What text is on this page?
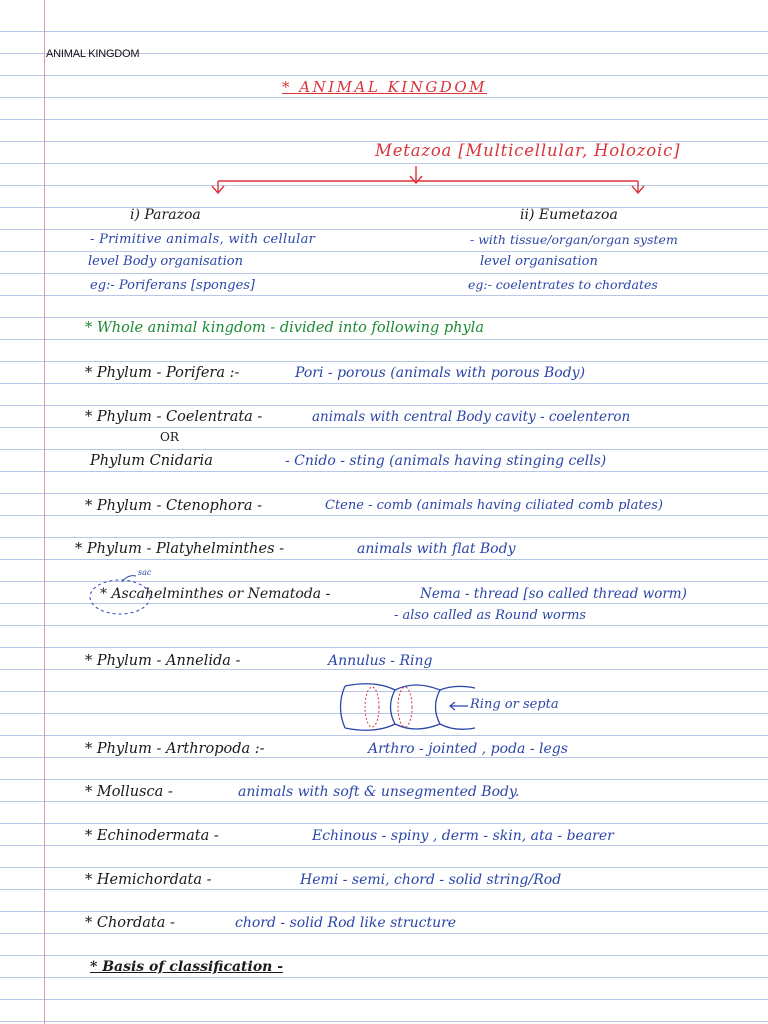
ANIMAL KINGDOM
* ANIMAL KINGDOM
Metazoa [Multicellular, Holozoic]
i) Parazoa
- Primitive animals, with cellular
level Body organisation
eg:- Poriferans [sponges]
ii) Eumetazoa
- with tissue/organ/organ system
level organisation
eg:- coelentrates to chordates
* Whole animal kingdom - divided into following phyla
* Phylum - Porifera :-	Pori - porous (animals with porous Body)
* Phylum - Coelentrata -	animals with central Body cavity - coelenteron
OR
Phylum Cnidaria	- Cnido - sting (animals having stinging cells)
* Phylum - Ctenophora -	Ctene - comb (animals having ciliated comb plates)
* Phylum - Platyhelminthes -	animals with flat Body
sac
* Ascahelminthes or Nematoda -	Nema - thread [so called thread worm)
- also called as Round worms
* Phylum - Annelida -	Annulus - Ring
Ring or septa
* Phylum - Arthropoda :-	Arthro - jointed , poda - legs
* Mollusca -	animals with soft & unsegmented Body.
* Echinodermata -	Echinous - spiny , derm - skin, ata - bearer
* Hemichordata -	Hemi - semi, chord - solid string/Rod
* Chordata -	chord - solid Rod like structure
* Basis of classification -
